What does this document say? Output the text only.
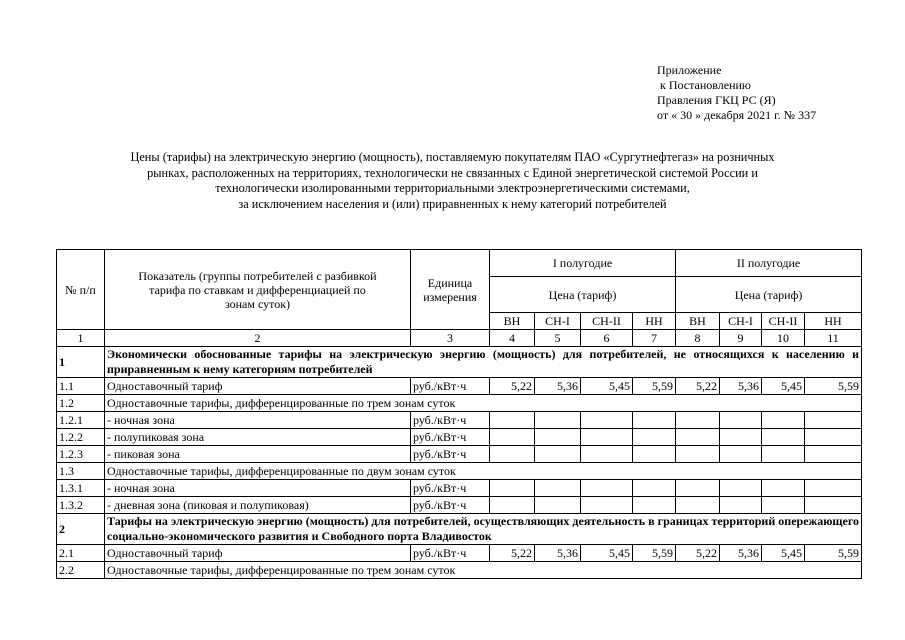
Приложение
к Постановлению
Правления ГКЦ РС (Я)
от « 30 » декабря 2021 г. № 337
Цены (тарифы) на электрическую энергию (мощность), поставляемую покупателям ПАО «Сургутнефтегаз» на розничных
рынках, расположенных на территориях, технологически не связанных с Единой энергетической системой России и
технологически изолированными территориальными электроэнергетическими системами,
за исключением населения и (или) приравненных к нему категорий потребителей
№ п/п	Показатель (группы потребителей с разбивкой тарифа по ставкам и дифференциацией по зонам суток)	Единица измерения	I полугодие				II полугодие			
			Цена (тариф)				Цена (тариф)			
			ВН	СН-I	СН-II	НН	ВН	СН-I	СН-II	НН
1	2	3	4	5	6	7	8	9	10	11
1	Экономически обоснованные тарифы на электрическую энергию (мощность) для потребителей, не относящихся к населению и приравненным к нему категориям потребителей									
1.1	Одноставочный тариф	руб./кВт·ч	5,22	5,36	5,45	5,59	5,22	5,36	5,45	5,59
1.2	Одноставочные тарифы, дифференцированные по трем зонам суток									
1.2.1	- ночная зона	руб./кВт·ч								
1.2.2	- полупиковая зона	руб./кВт·ч								
1.2.3	- пиковая зона	руб./кВт·ч								
1.3	Одноставочные тарифы, дифференцированные по двум зонам суток									
1.3.1	- ночная зона	руб./кВт·ч								
1.3.2	- дневная зона (пиковая и полупиковая)	руб./кВт·ч								
2	Тарифы на электрическую энергию (мощность) для потребителей, осуществляющих деятельность в границах территорий опережающего социально-экономического развития и Свободного порта Владивосток									
2.1	Одноставочный тариф	руб./кВт·ч	5,22	5,36	5,45	5,59	5,22	5,36	5,45	5,59
2.2	Одноставочные тарифы, дифференцированные по трем зонам суток									
